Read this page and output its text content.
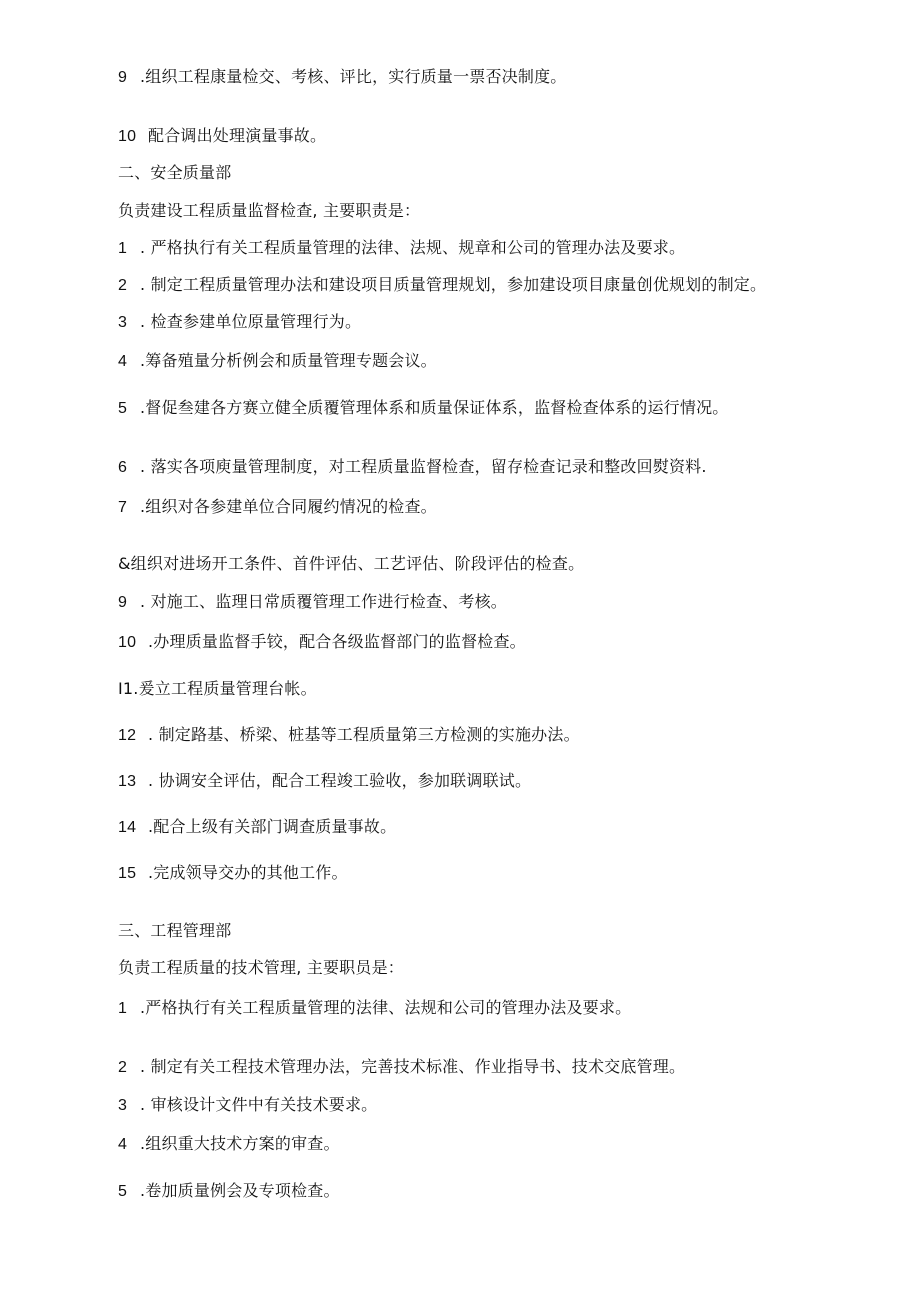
9 .组织工程康量检交、考核、评比，实行质量一票否决制度。
10 配合调出处理演量事故。
二、安全质量部
负责建设工程质量监督检查, 主要职责是：
1 . 严格执行有关工程质量管理的法律、法规、规章和公司的管理办法及要求。
2 . 制定工程质量管理办法和建设项目质量管理规划，参加建设项目康量创优规划的制定。
3 . 检查参建单位原量管理行为。
4 .筹备殖量分析例会和质量管理专题会议。
5 .督促叁建各方赛立健全质覆管理体系和质量保证体系，监督检查体系的运行情况。
6 . 落实各项庾量管理制度，对工程质量监督检查，留存检查记录和整改回熨资料.
7 .组织对各参建单位合同履约情况的检查。
&组织对进场开工条件、首件评估、工艺评估、阶段评估的检查。
9 . 对施工、监理日常质覆管理工作进行检查、考核。
10 .办理质量监督手铰，配合各级监督部门的监督检查。
I1.爰立工程质量管理台帐。
12 . 制定路基、桥梁、桩基等工程质量第三方检测的实施办法。
13 . 协调安全评估，配合工程竣工验收，参加联调联试。
14 .配合上级有关部门调查质量事故。
15 .完成领导交办的其他工作。
三、工程管理部
负责工程质量的技术管理, 主要职员是：
1 .严格执行有关工程质量管理的法律、法规和公司的管理办法及要求。
2 . 制定有关工程技术管理办法，完善技术标准、作业指导书、技术交底管理。
3 . 审核设计文件中有关技术要求。
4 .组织重大技术方案的审查。
5 .卷加质量例会及专项检查。
